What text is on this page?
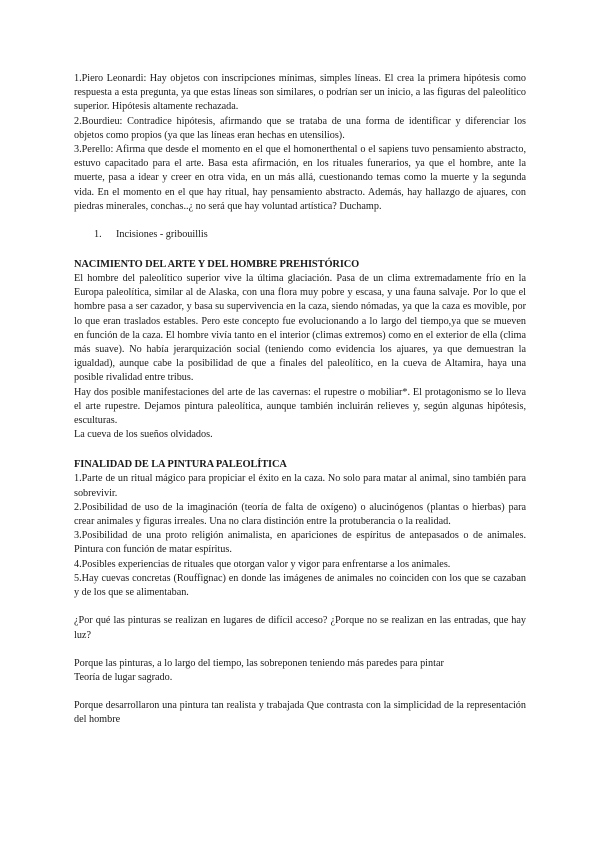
1.Piero Leonardi: Hay objetos con inscripciones mínimas, simples líneas. El crea la primera hipótesis como respuesta a esta pregunta, ya que estas líneas son similares, o podrían ser un inicio, a las figuras del paleolítico superior. Hipótesis altamente rechazada.

2.Bourdieu: Contradice hipótesis, afirmando que se trataba de una forma de identificar y diferenciar los objetos como propios (ya que las líneas eran hechas en utensilios).

3.Perello: Afirma que desde el momento en el que el homonerthental o el sapiens tuvo pensamiento abstracto, estuvo capacitado para el arte. Basa esta afirmación, en los rituales funerarios, ya que el hombre, ante la muerte, pasa a idear y creer en otra vida, en un más allá, cuestionando temas como la muerte y la segunda vida. En el momento en el que hay ritual, hay pensamiento abstracto. Además, hay hallazgo de ajuares, con piedras minerales, conchas..¿ no será que hay voluntad artística? Duchamp.

1. Incisiones - gribouillis
NACIMIENTO DEL ARTE Y DEL HOMBRE PREHISTÓRICO

El hombre del paleolítico superior vive la última glaciación. Pasa de un clima extremadamente frío en la Europa paleolítica, similar al de Alaska, con una flora muy pobre y escasa, y una fauna salvaje. Por lo que el hombre pasa a ser cazador, y basa su supervivencia en la caza, siendo nómadas, ya que la caza es movible, por lo que eran traslados estables. Pero este concepto fue evolucionando a lo largo del tiempo,ya que se mueven en función de la caza. El hombre vivía tanto en el interior (climas extremos) como en el exterior de ella (clima más suave). No había jerarquización social (teniendo como evidencia los ajuares, ya que demuestran la igualdad), aunque cabe la posibilidad de que a finales del paleolítico, en la cueva de Altamira, haya una posible rivalidad entre tribus.

Hay dos posible manifestaciones del arte de las cavernas: el rupestre o mobiliar*. El protagonismo se lo lleva el arte rupestre. Dejamos pintura paleolítica, aunque también incluirán relieves y, según algunas hipótesis, esculturas.

La cueva de los sueños olvidados.

FINALIDAD DE LA PINTURA PALEOLÍTICA

1.Parte de un ritual mágico para propiciar el éxito en la caza. No solo para matar al animal, sino también para sobrevivir.

2.Posibilidad de uso de la imaginación (teoría de falta de oxígeno) o alucinógenos (plantas o hierbas) para crear animales y figuras irreales. Una no clara distinción entre la protuberancia o la realidad.

3.Posibilidad de una proto religión animalista, en apariciones de espíritus de antepasados o de animales. Pintura con función de matar espíritus.

4.Posibles experiencias de rituales que otorgan valor y vigor para enfrentarse a los animales.

5.Hay cuevas concretas (Rouffignac) en donde las imágenes de animales no coinciden con los que se cazaban y de los que se alimentaban.

¿Por qué las pinturas se realizan en lugares de difícil acceso? ¿Porque no se realizan en las entradas, que hay luz?

Porque las pinturas, a lo largo del tiempo, las sobreponen teniendo más paredes para pintar

Teoría de lugar sagrado.

Porque desarrollaron una pintura tan realista y trabajada Que contrasta con la simplicidad de la representación del hombre
